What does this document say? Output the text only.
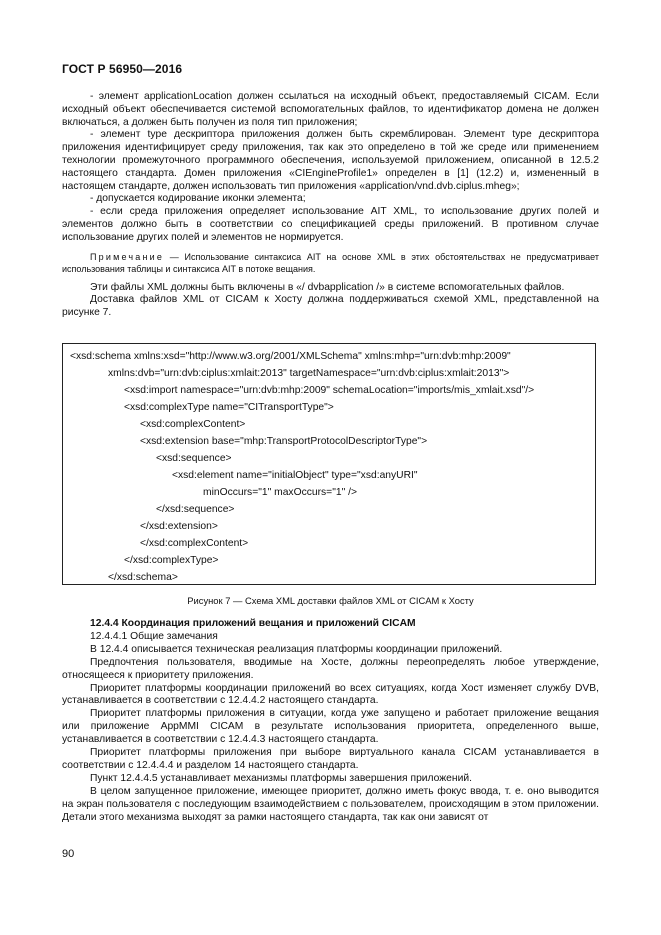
ГОСТ Р 56950—2016

- элемент applicationLocation должен ссылаться на исходный объект, предоставляемый CICAM. Если исходный объект обеспечивается системой вспомогательных файлов, то идентификатор домена не должен включаться, а должен быть получен из поля тип приложения;

- элемент type дескриптора приложения должен быть скремблирован. Элемент type дескриптора приложения идентифицирует среду приложения, так как это определено в той же среде или применением технологии промежуточного программного обеспечения, используемой приложением, описанной в 12.5.2 настоящего стандарта. Домен приложения «CIEngineProfile1» определен в [1] (12.2) и, измененный в настоящем стандарте, должен использовать тип приложения «application/vnd.dvb.ciplus.mheg»;

- допускается кодирование иконки элемента;

- если среда приложения определяет использование AIT XML, то использование других полей и элементов должно быть в соответствии со спецификацией среды приложений. В противном случае использование других полей и элементов не нормируется.

Примечание — Использование синтаксиса AIT на основе XML в этих обстоятельствах не предусматривает использования таблицы и синтаксиса AIT в потоке вещания.

Эти файлы XML должны быть включены в «/ dvbapplication /» в системе вспомогательных файлов.

Доставка файлов XML от CICAM к Хосту должна поддерживаться схемой XML, представленной на рисунке 7.

<xsd:schema xmlns:xsd="http://www.w3.org/2001/XMLSchema" xmlns:mhp="urn:dvb:mhp:2009"
xmlns:dvb="urn:dvb:ciplus:xmlait:2013" targetNamespace="urn:dvb:ciplus:xmlait:2013">
<xsd:import namespace="urn:dvb:mhp:2009" schemaLocation="imports/mis_xmlait.xsd"/>
<xsd:complexType name="CITransportType">
<xsd:complexContent>
<xsd:extension base="mhp:TransportProtocolDescriptorType">
<xsd:sequence>
<xsd:element name="initialObject" type="xsd:anyURI"
minOccurs="1" maxOccurs="1" />
</xsd:sequence>
</xsd:extension>
</xsd:complexContent>
</xsd:complexType>
</xsd:schema>
Рисунок 7 — Схема XML доставки файлов XML от CICAM к Хосту

12.4.4 Координация приложений вещания и приложений CICAM

12.4.4.1 Общие замечания

В 12.4.4 описывается техническая реализация платформы координации приложений.

Предпочтения пользователя, вводимые на Хосте, должны переопределять любое утверждение, относящееся к приоритету приложения.

Приоритет платформы координации приложений во всех ситуациях, когда Хост изменяет службу DVB, устанавливается в соответствии с 12.4.4.2 настоящего стандарта.

Приоритет платформы приложения в ситуации, когда уже запущено и работает приложение вещания или приложение AppMMI CICAM в результате использования приоритета, определенного выше, устанавливается в соответствии с 12.4.4.3 настоящего стандарта.

Приоритет платформы приложения при выборе виртуального канала CICAM устанавливается в соответствии с 12.4.4.4 и разделом 14 настоящего стандарта.

Пункт 12.4.4.5 устанавливает механизмы платформы завершения приложений.

В целом запущенное приложение, имеющее приоритет, должно иметь фокус ввода, т. е. оно выводится на экран пользователя с последующим взаимодействием с пользователем, происходящим в этом приложении. Детали этого механизма выходят за рамки настоящего стандарта, так как они зависят от

90
